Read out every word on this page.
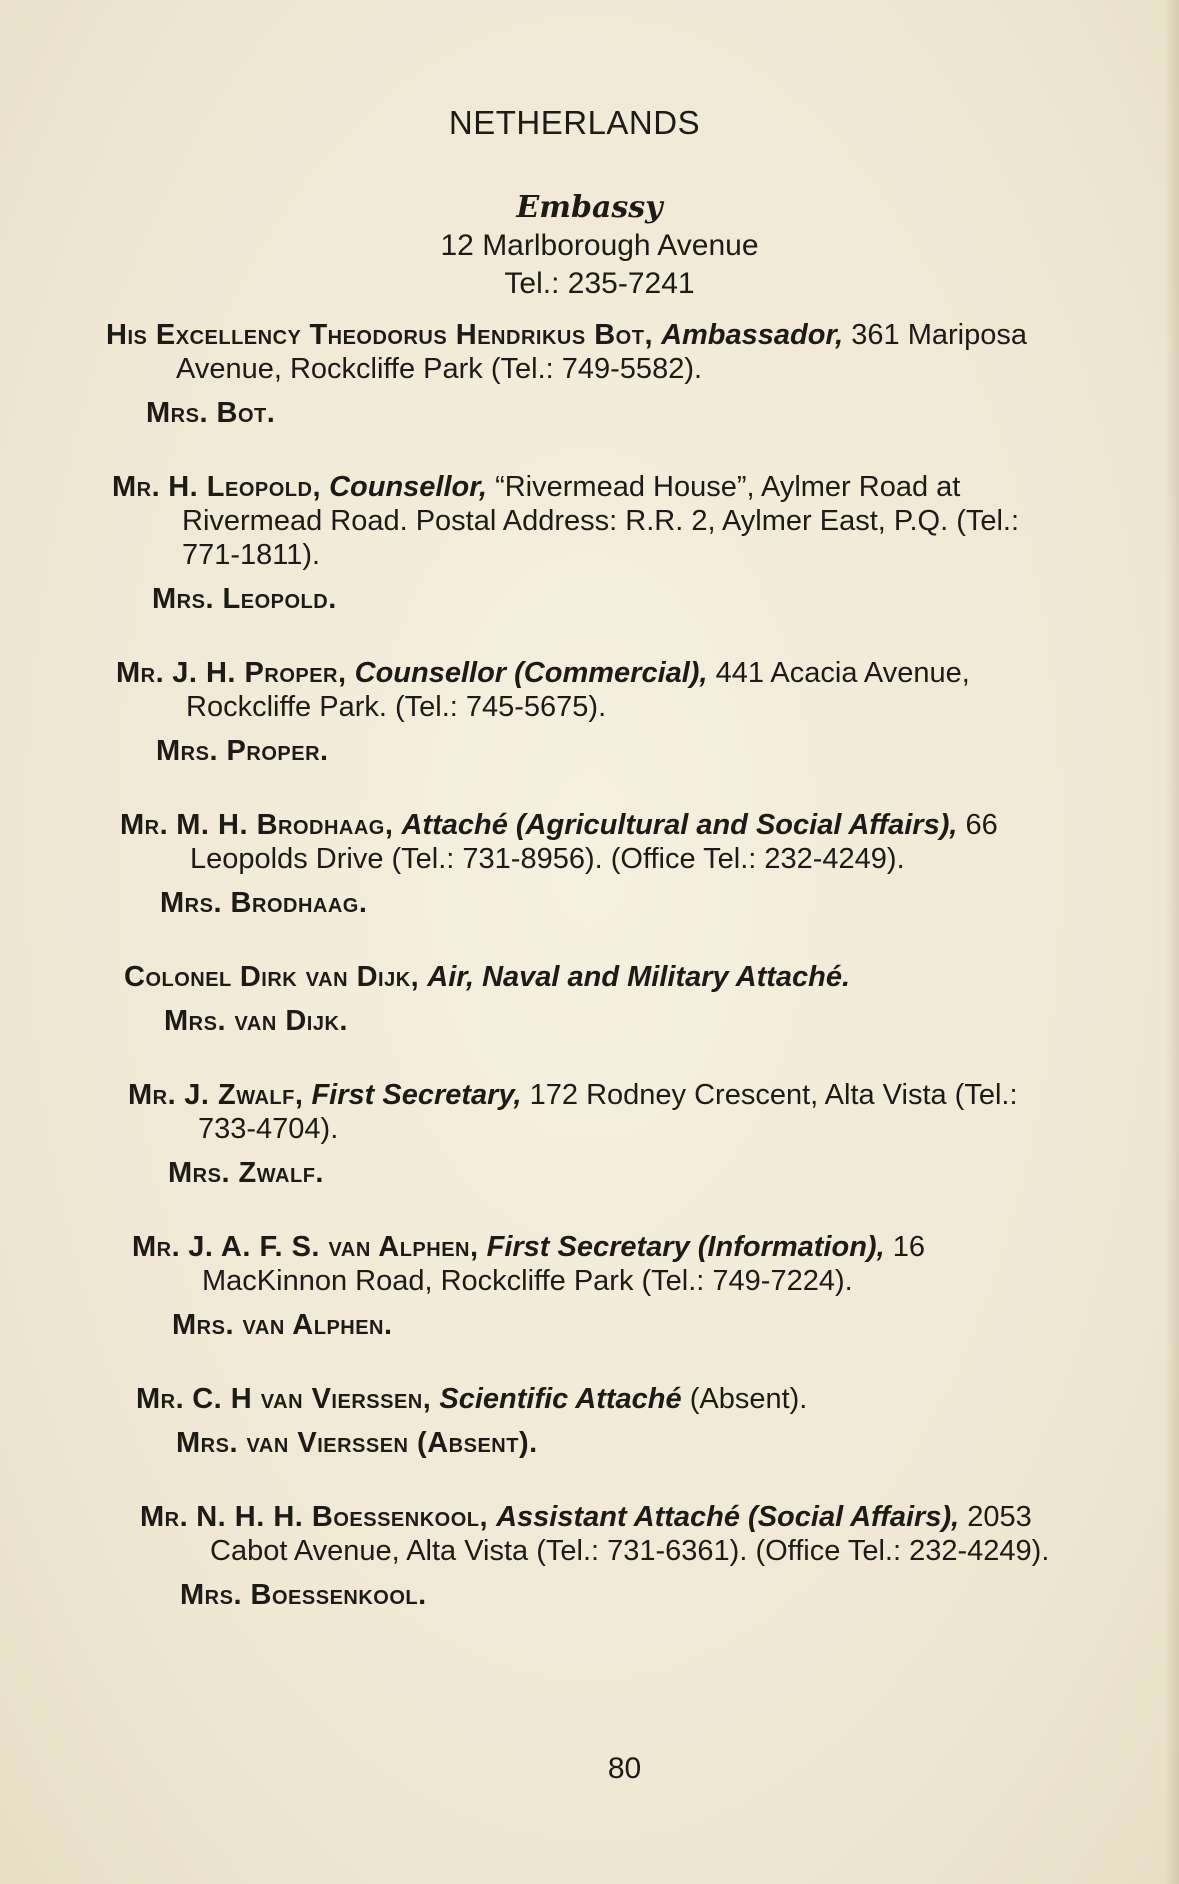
NETHERLANDS
Embassy
12 Marlborough Avenue
Tel.: 235-7241
His Excellency Theodorus Hendrikus Bot, Ambassador, 361 Mariposa Avenue, Rockcliffe Park (Tel.: 749-5582).
Mrs. Bot.
Mr. H. Leopold, Counsellor, “Rivermead House”, Aylmer Road at Rivermead Road. Postal Address: R.R. 2, Aylmer East, P.Q. (Tel.: 771-1811).
Mrs. Leopold.
Mr. J. H. Proper, Counsellor (Commercial), 441 Acacia Avenue, Rockcliffe Park. (Tel.: 745-5675).
Mrs. Proper.
Mr. M. H. Brodhaag, Attaché (Agricultural and Social Affairs), 66 Leopolds Drive (Tel.: 731-8956). (Office Tel.: 232-4249).
Mrs. Brodhaag.
Colonel Dirk van Dijk, Air, Naval and Military Attaché.
Mrs. van Dijk.
Mr. J. Zwalf, First Secretary, 172 Rodney Crescent, Alta Vista (Tel.: 733-4704).
Mrs. Zwalf.
Mr. J. A. F. S. van Alphen, First Secretary (Information), 16 MacKinnon Road, Rockcliffe Park (Tel.: 749-7224).
Mrs. van Alphen.
Mr. C. H van Vierssen, Scientific Attaché (Absent).
Mrs. van Vierssen (Absent).
Mr. N. H. H. Boessenkool, Assistant Attaché (Social Affairs), 2053 Cabot Avenue, Alta Vista (Tel.: 731-6361). (Office Tel.: 232-4249).
Mrs. Boessenkool.
80
